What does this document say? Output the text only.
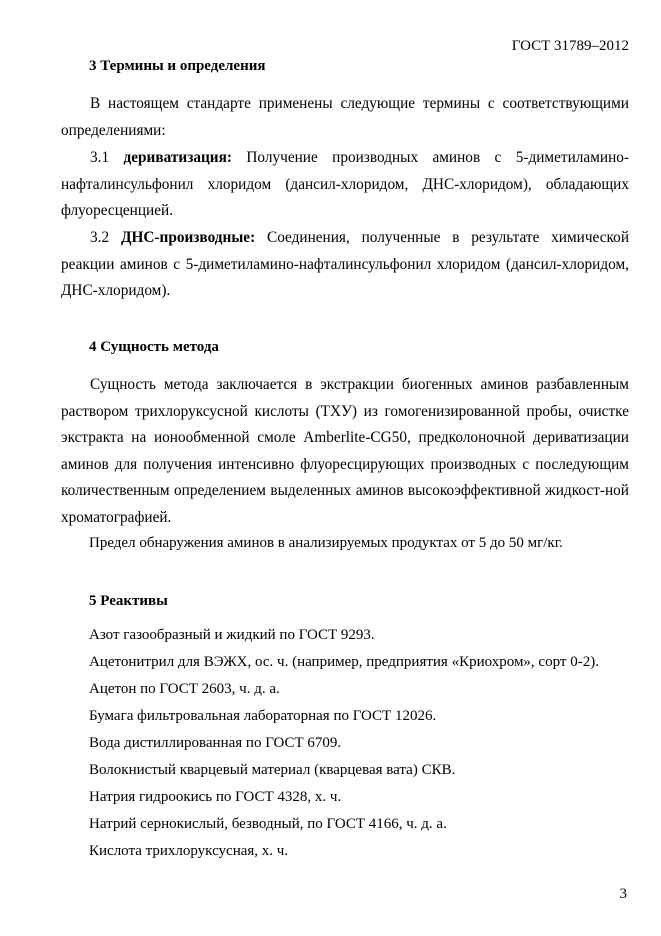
ГОСТ 31789–2012
3 Термины и определения
В настоящем стандарте применены следующие термины с соответствующими определениями:
3.1 дериватизация: Получение производных аминов с 5-диметиламино-нафталинсульфонил хлоридом (дансил-хлоридом, ДНС-хлоридом), обладающих флуоресценцией.
3.2 ДНС-производные: Соединения, полученные в результате химической реакции аминов с 5-диметиламино-нафталинсульфонил хлоридом (дансил-хлоридом, ДНС-хлоридом).
4 Сущность метода
Сущность метода заключается в экстракции биогенных аминов разбавленным раствором трихлоруксусной кислоты (ТХУ) из гомогенизированной пробы, очистке экстракта на ионообменной смоле Amberlite-CG50, предколоночной дериватизации аминов для получения интенсивно флуоресцирующих производных с последующим количественным определением выделенных аминов высокоэффективной жидкост-ной хроматографией.
Предел обнаружения аминов в анализируемых продуктах от 5 до 50 мг/кг.
5 Реактивы
Азот газообразный и жидкий по ГОСТ 9293.
Ацетонитрил для ВЭЖХ, ос. ч. (например, предприятия «Криохром», сорт 0-2).
Ацетон по ГОСТ 2603, ч. д. а.
Бумага фильтровальная лабораторная по ГОСТ 12026.
Вода дистиллированная по ГОСТ 6709.
Волокнистый кварцевый материал (кварцевая вата) СКВ.
Натрия гидроокись по ГОСТ 4328, х. ч.
Натрий сернокислый, безводный, по ГОСТ 4166, ч. д. а.
Кислота трихлоруксусная, х. ч.
3
